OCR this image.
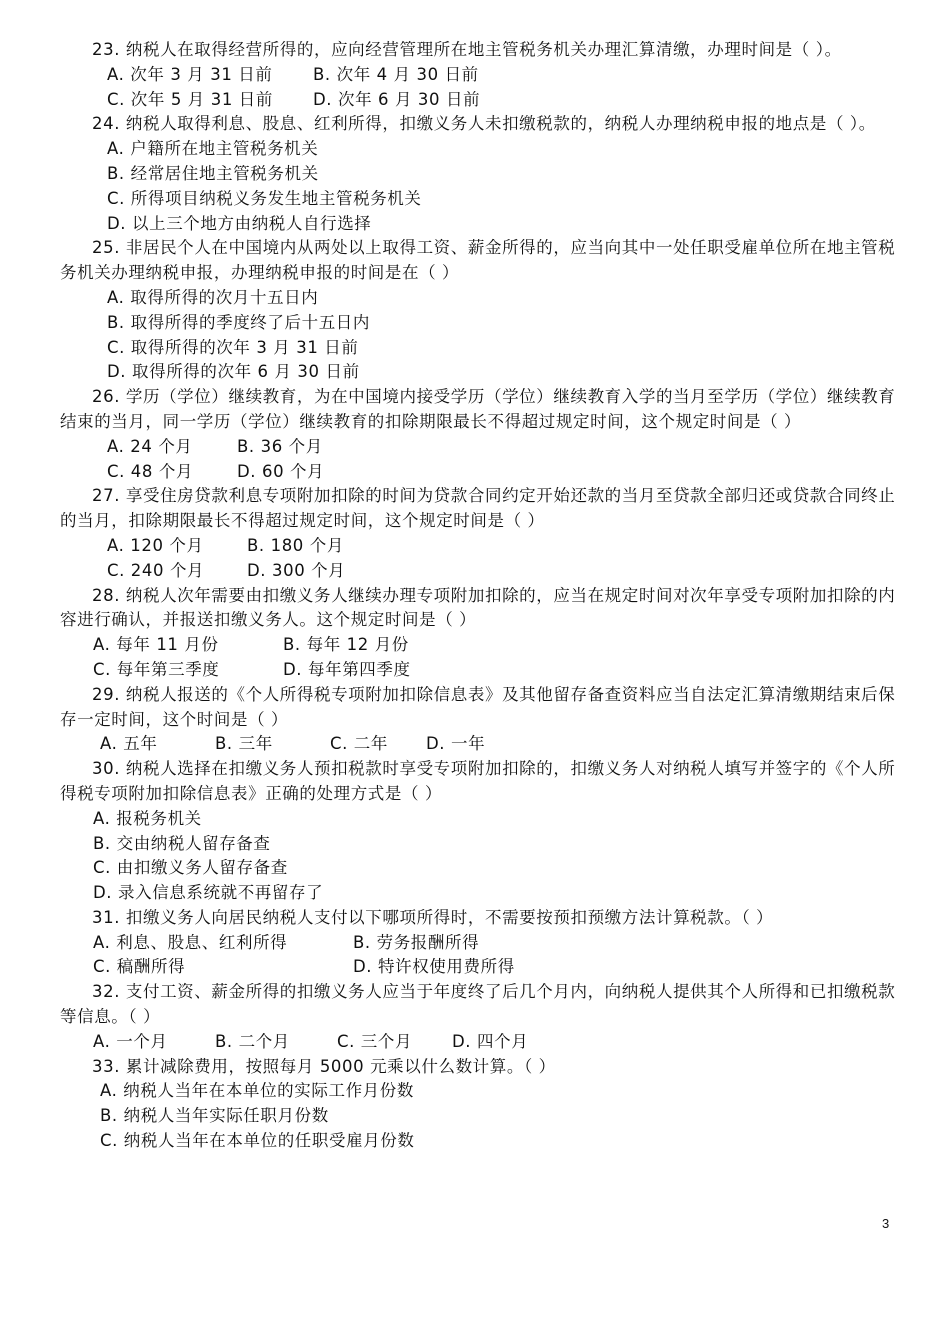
23. 纳税人在取得经营所得的，应向经营管理所在地主管税务机关办理汇算清缴，办理时间是（ ）。
A. 次年 3 月 31 日前 B. 次年 4 月 30 日前
C. 次年 5 月 31 日前 D. 次年 6 月 30 日前
24. 纳税人取得利息、股息、红利所得，扣缴义务人未扣缴税款的，纳税人办理纳税申报的地点是（ ）。
A. 户籍所在地主管税务机关
B. 经常居住地主管税务机关
C. 所得项目纳税义务发生地主管税务机关
D. 以上三个地方由纳税人自行选择
25. 非居民个人在中国境内从两处以上取得工资、薪金所得的，应当向其中一处任职受雇单位所在地主管税务机关办理纳税申报，办理纳税申报的时间是在（ ）
A. 取得所得的次月十五日内
B. 取得所得的季度终了后十五日内
C. 取得所得的次年 3 月 31 日前
D. 取得所得的次年 6 月 30 日前
26. 学历（学位）继续教育，为在中国境内接受学历（学位）继续教育入学的当月至学历（学位）继续教育结束的当月，同一学历（学位）继续教育的扣除期限最长不得超过规定时间，这个规定时间是（ ）
A. 24 个月	B. 36 个月
C. 48 个月	D. 60 个月
27. 享受住房贷款利息专项附加扣除的时间为贷款合同约定开始还款的当月至贷款全部归还或贷款合同终止的当月，扣除期限最长不得超过规定时间，这个规定时间是（ ）
A. 120 个月	B. 180 个月
C. 240 个月	D. 300 个月
28. 纳税人次年需要由扣缴义务人继续办理专项附加扣除的，应当在规定时间对次年享受专项附加扣除的内容进行确认，并报送扣缴义务人。这个规定时间是（ ）
A. 每年 11 月份	B. 每年 12 月份
C. 每年第三季度	D. 每年第四季度
29. 纳税人报送的《个人所得税专项附加扣除信息表》及其他留存备查资料应当自法定汇算清缴期结束后保存一定时间，这个时间是（ ）
A. 五年	B. 三年	C. 二年 D. 一年
30. 纳税人选择在扣缴义务人预扣税款时享受专项附加扣除的，扣缴义务人对纳税人填写并签字的《个人所得税专项附加扣除信息表》正确的处理方式是（ ）
A. 报税务机关
B. 交由纳税人留存备查
C. 由扣缴义务人留存备查
D. 录入信息系统就不再留存了
31. 扣缴义务人向居民纳税人支付以下哪项所得时，不需要按预扣预缴方法计算税款。（ ）
A. 利息、股息、红利所得	B. 劳务报酬所得
C. 稿酬所得	D. 特许权使用费所得
32. 支付工资、薪金所得的扣缴义务人应当于年度终了后几个月内，向纳税人提供其个人所得和已扣缴税款等信息。（ ）
A. 一个月	B. 二个月	C. 三个月 D. 四个月
33. 累计减除费用，按照每月 5000 元乘以什么数计算。（ ）
A. 纳税人当年在本单位的实际工作月份数
B. 纳税人当年实际任职月份数
C. 纳税人当年在本单位的任职受雇月份数
3
